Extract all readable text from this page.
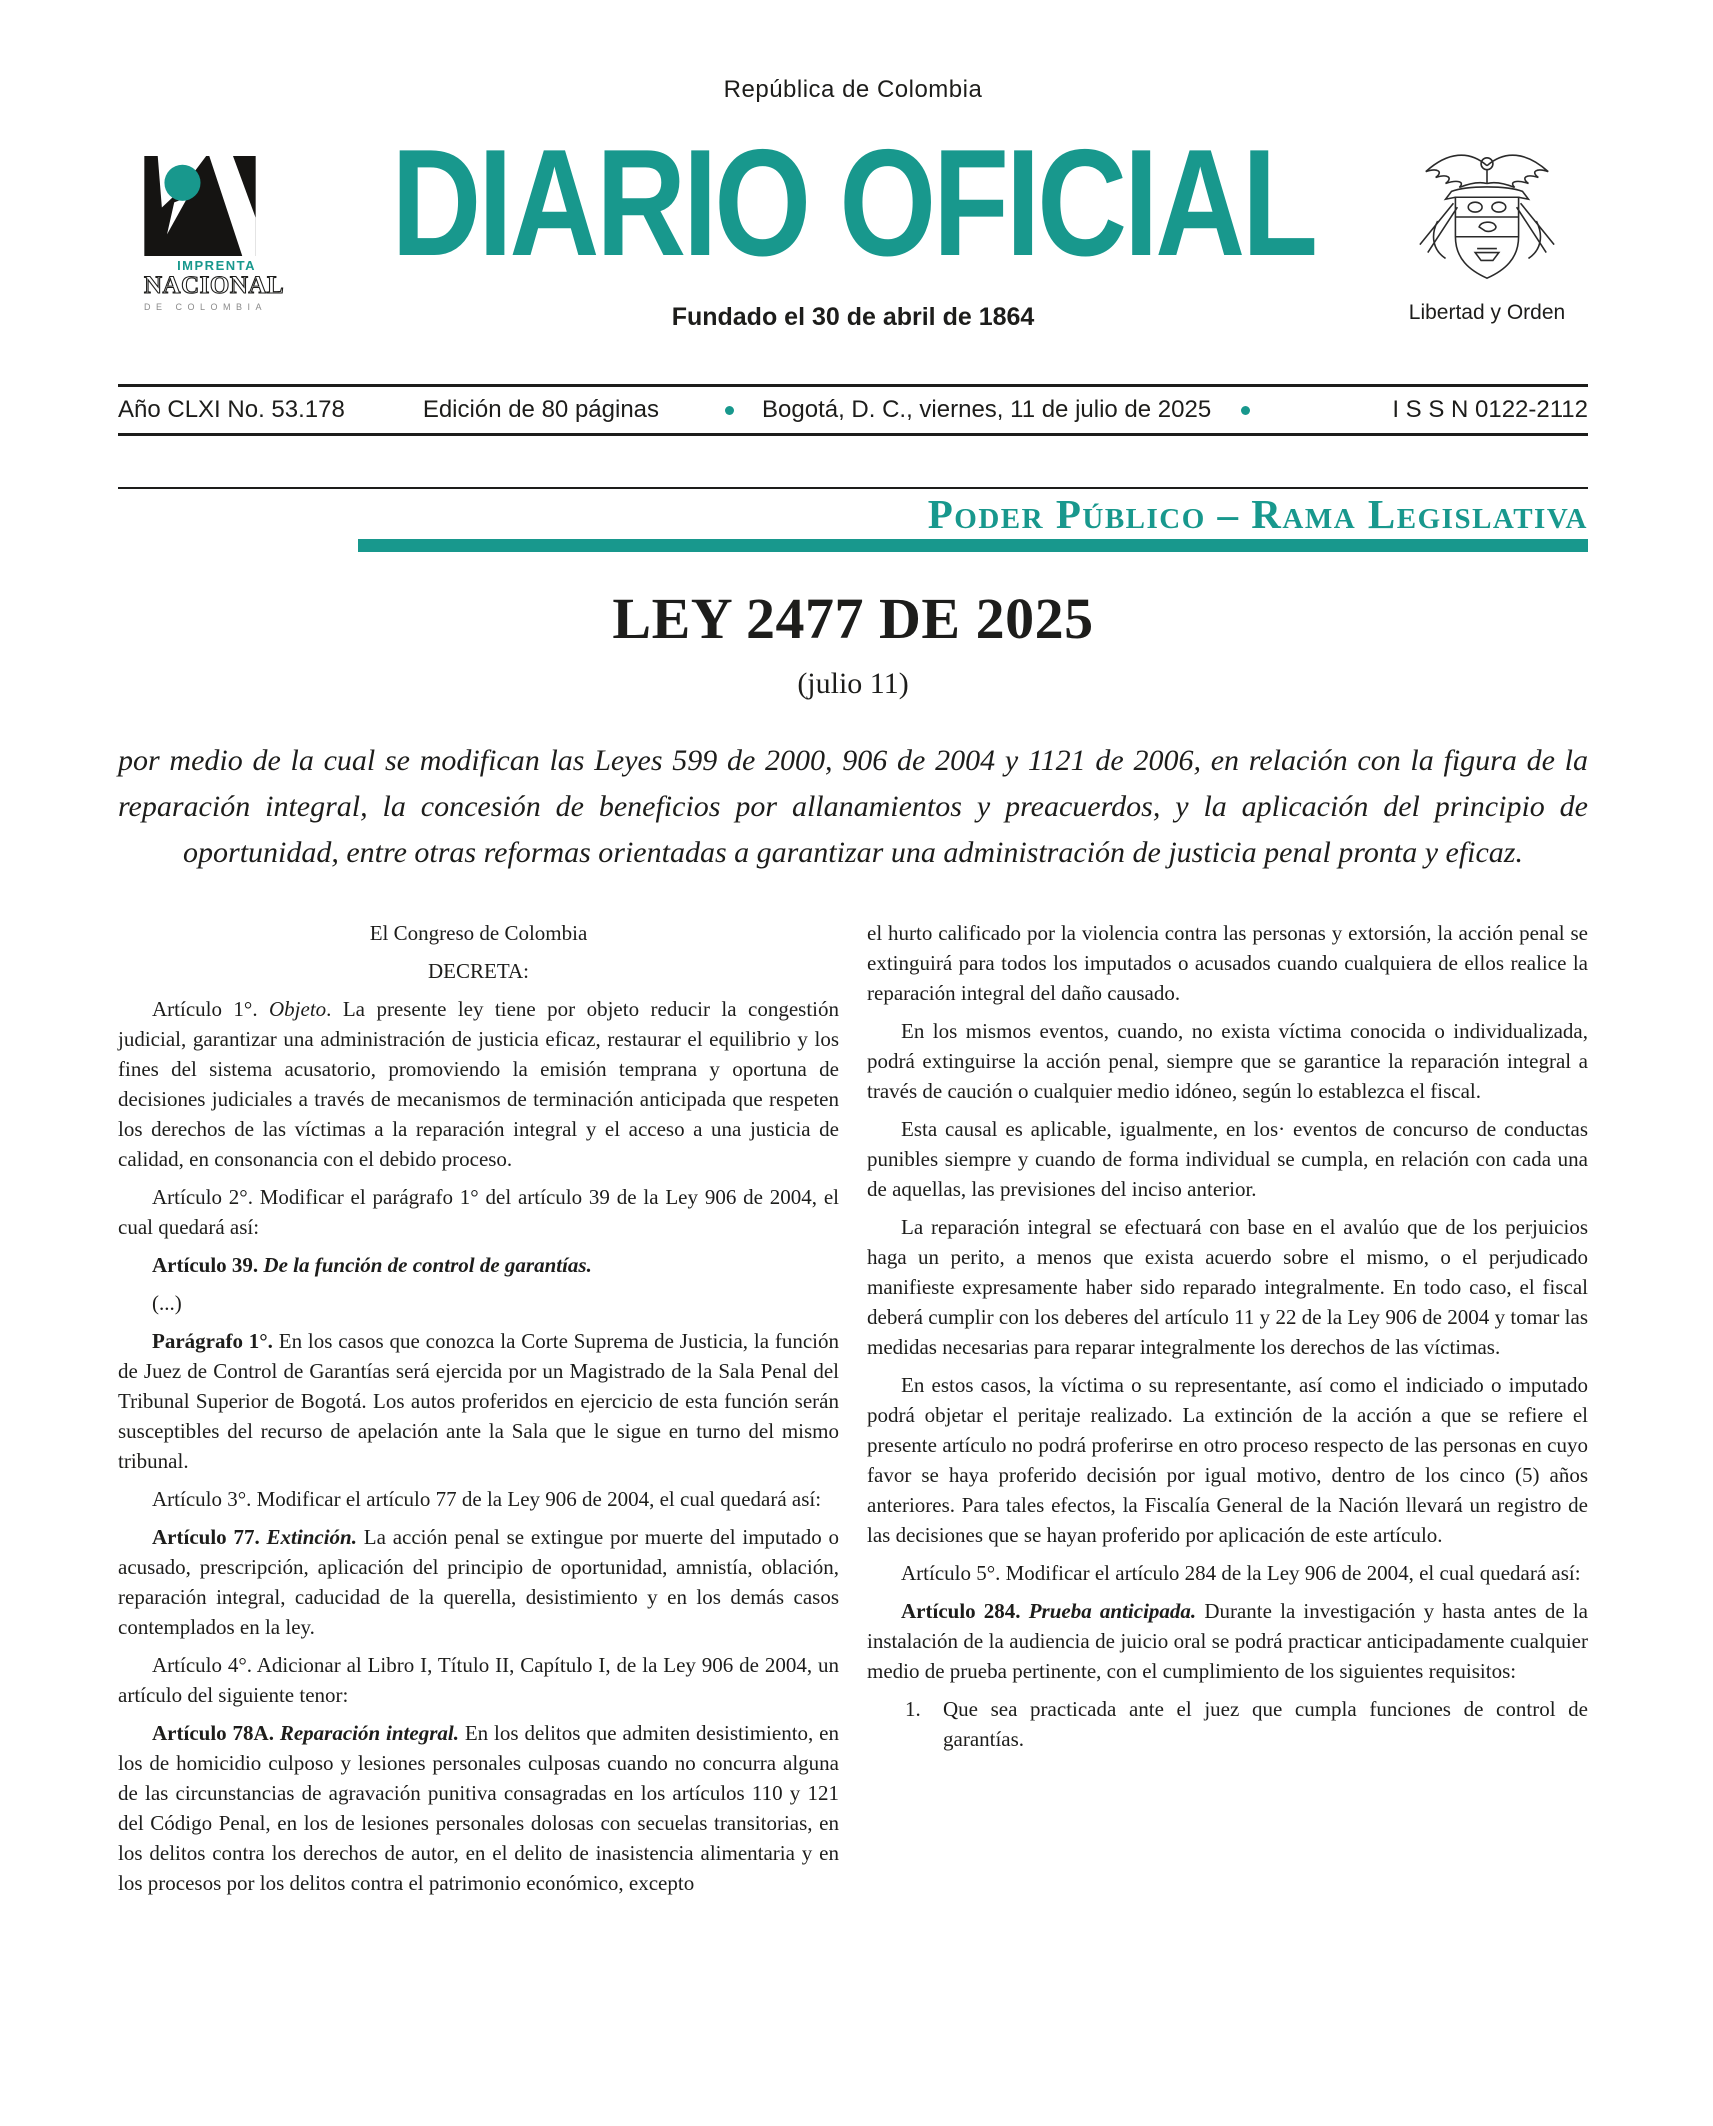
República de Colombia
IMPRENTA
NACIONAL
DE COLOMBIA
DIARIO OFICIAL
Fundado el 30 de abril de 1864	Libertad y Orden
Año CLXI No. 53.178	Edición de 80 páginas	Bogotá, D. C., viernes, 11 de julio de 2025	I S S N 0122-2112
Poder Público – Rama Legislativa
LEY 2477 DE 2025
(julio 11)
por medio de la cual se modifican las Leyes 599 de 2000, 906 de 2004 y 1121 de 2006, en relación con la figura de la reparación integral, la concesión de beneficios por allanamientos y preacuerdos, y la aplicación del principio de oportunidad, entre otras reformas orientadas a garantizar una administración de justicia penal pronta y eficaz.

El Congreso de Colombia

DECRETA:

Artículo 1°. Objeto. La presente ley tiene por objeto reducir la congestión judicial, garantizar una administración de justicia eficaz, restaurar el equilibrio y los fines del sistema acusatorio, promoviendo la emisión temprana y oportuna de decisiones judiciales a través de mecanismos de terminación anticipada que respeten los derechos de las víctimas a la reparación integral y el acceso a una justicia de calidad, en consonancia con el debido proceso.

Artículo 2°. Modificar el parágrafo 1° del artículo 39 de la Ley 906 de 2004, el cual quedará así:

Artículo 39. De la función de control de garantías.

(...)

Parágrafo 1°. En los casos que conozca la Corte Suprema de Justicia, la función de Juez de Control de Garantías será ejercida por un Magistrado de la Sala Penal del Tribunal Superior de Bogotá. Los autos proferidos en ejercicio de esta función serán susceptibles del recurso de apelación ante la Sala que le sigue en turno del mismo tribunal.

Artículo 3°. Modificar el artículo 77 de la Ley 906 de 2004, el cual quedará así:

Artículo 77. Extinción. La acción penal se extingue por muerte del imputado o acusado, prescripción, aplicación del principio de oportunidad, amnistía, oblación, reparación integral, caducidad de la querella, desistimiento y en los demás casos contemplados en la ley.

Artículo 4°. Adicionar al Libro I, Título II, Capítulo I, de la Ley 906 de 2004, un artículo del siguiente tenor:

Artículo 78A. Reparación integral. En los delitos que admiten desistimiento, en los de homicidio culposo y lesiones personales culposas cuando no concurra alguna de las circunstancias de agravación punitiva consagradas en los artículos 110 y 121 del Código Penal, en los de lesiones personales dolosas con secuelas transitorias, en los delitos contra los derechos de autor, en el delito de inasistencia alimentaria y en los procesos por los delitos contra el patrimonio económico, excepto

el hurto calificado por la violencia contra las personas y extorsión, la acción penal se extinguirá para todos los imputados o acusados cuando cualquiera de ellos realice la reparación integral del daño causado.

En los mismos eventos, cuando, no exista víctima conocida o individualizada, podrá extinguirse la acción penal, siempre que se garantice la reparación integral a través de caución o cualquier medio idóneo, según lo establezca el fiscal.

Esta causal es aplicable, igualmente, en los· eventos de concurso de conductas punibles siempre y cuando de forma individual se cumpla, en relación con cada una de aquellas, las previsiones del inciso anterior.

La reparación integral se efectuará con base en el avalúo que de los perjuicios haga un perito, a menos que exista acuerdo sobre el mismo, o el perjudicado manifieste expresamente haber sido reparado integralmente. En todo caso, el fiscal deberá cumplir con los deberes del artículo 11 y 22 de la Ley 906 de 2004 y tomar las medidas necesarias para reparar integralmente los derechos de las víctimas.

En estos casos, la víctima o su representante, así como el indiciado o imputado podrá objetar el peritaje realizado. La extinción de la acción a que se refiere el presente artículo no podrá proferirse en otro proceso respecto de las personas en cuyo favor se haya proferido decisión por igual motivo, dentro de los cinco (5) años anteriores. Para tales efectos, la Fiscalía General de la Nación llevará un registro de las decisiones que se hayan proferido por aplicación de este artículo.

Artículo 5°. Modificar el artículo 284 de la Ley 906 de 2004, el cual quedará así:

Artículo 284. Prueba anticipada. Durante la investigación y hasta antes de la instalación de la audiencia de juicio oral se podrá practicar anticipadamente cualquier medio de prueba pertinente, con el cumplimiento de los siguientes requisitos:

1. Que sea practicada ante el juez que cumpla funciones de control de garantías.
